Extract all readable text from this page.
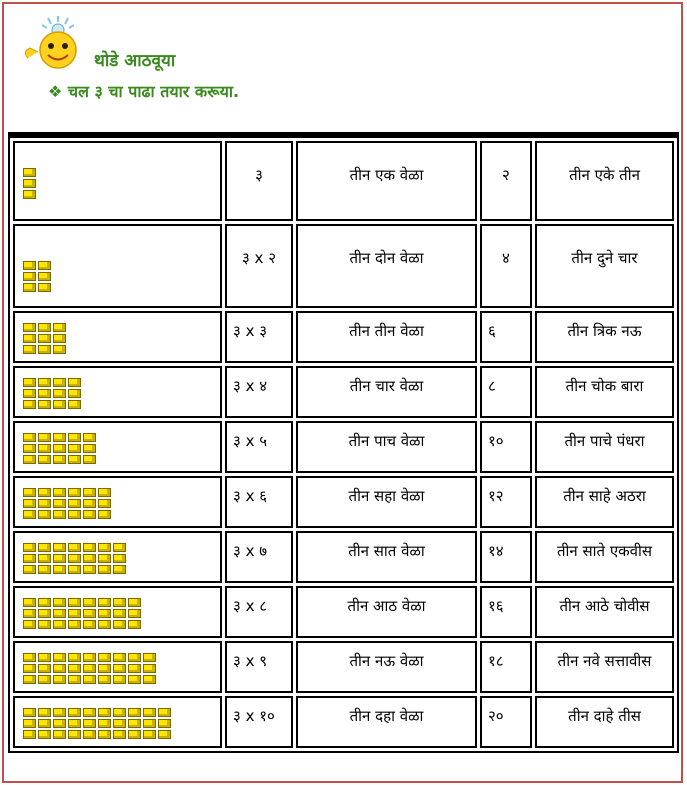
थोडे आठवूया
❖ चल ३ चा पाढा तयार करूया.

	३	तीन एक वेळा	२	तीन एके तीन

	३ x २	तीन दोन वेळा	४	तीन दुने चार

	३ x ३	तीन तीन वेळा	६	तीन त्रिक नऊ

	३ x ४	तीन चार वेळा	८	तीन चोक बारा

	३ x ५	तीन पाच वेळा	१०	तीन पाचे पंधरा

	३ x ६	तीन सहा वेळा	१२	तीन साहे अठरा

	३ x ७	तीन सात वेळा	१४	तीन साते एकवीस

	३ x ८	तीन आठ वेळा	१६	तीन आठे चोवीस

	३ x ९	तीन नऊ वेळा	१८	तीन नवे सत्तावीस

	३ x १०	तीन दहा वेळा	२०	तीन दाहे तीस
